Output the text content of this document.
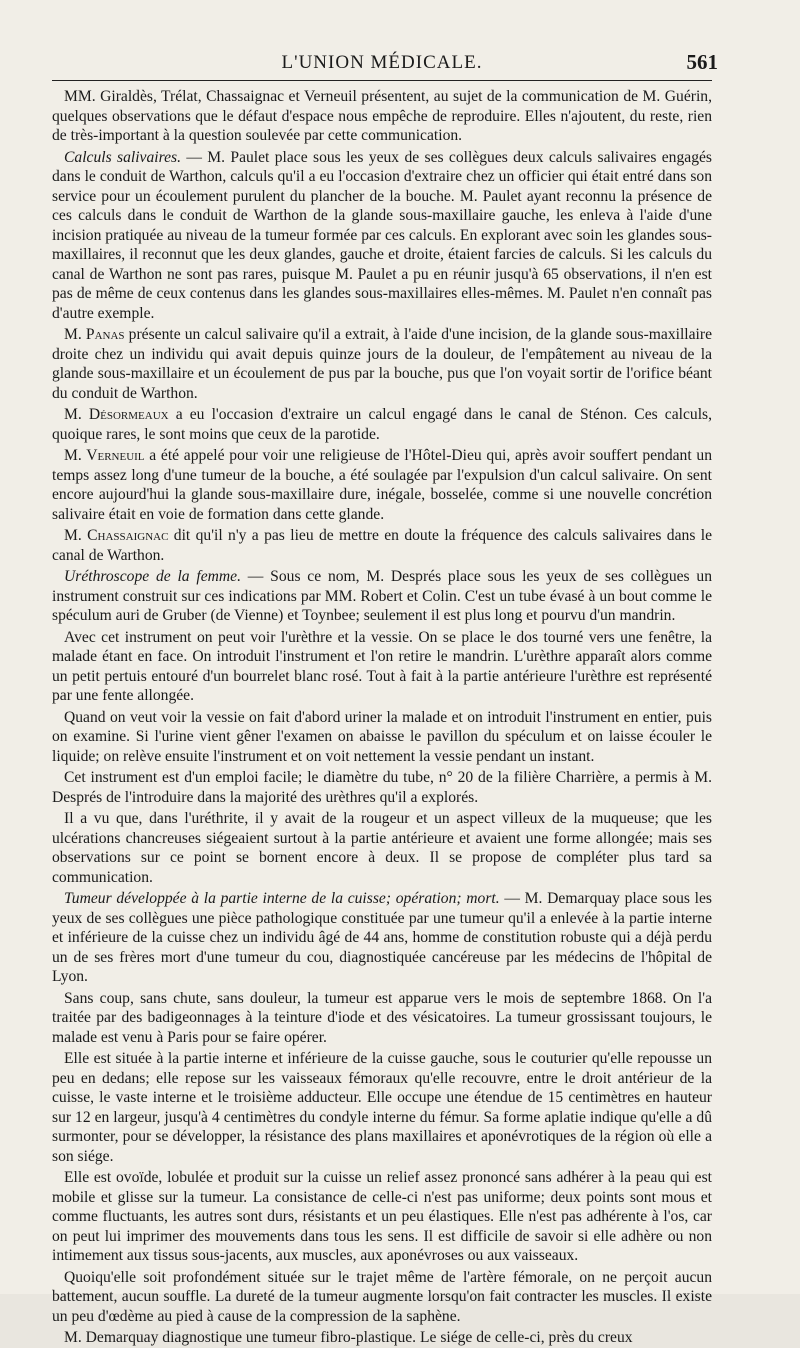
L'UNION MÉDICALE.	561

MM. Giraldès, Trélat, Chassaignac et Verneuil présentent, au sujet de la communication de M. Guérin, quelques observations que le défaut d'espace nous empêche de reproduire. Elles n'ajoutent, du reste, rien de très-important à la question soulevée par cette communication.

Calculs salivaires. — M. Paulet place sous les yeux de ses collègues deux calculs salivaires engagés dans le conduit de Warthon, calculs qu'il a eu l'occasion d'extraire chez un officier qui était entré dans son service pour un écoulement purulent du plancher de la bouche. M. Paulet ayant reconnu la présence de ces calculs dans le conduit de Warthon de la glande sous-maxillaire gauche, les enleva à l'aide d'une incision pratiquée au niveau de la tumeur formée par ces calculs. En explorant avec soin les glandes sous-maxillaires, il reconnut que les deux glandes, gauche et droite, étaient farcies de calculs. Si les calculs du canal de Warthon ne sont pas rares, puisque M. Paulet a pu en réunir jusqu'à 65 observations, il n'en est pas de même de ceux contenus dans les glandes sous-maxillaires elles-mêmes. M. Paulet n'en connaît pas d'autre exemple.

M. Panas présente un calcul salivaire qu'il a extrait, à l'aide d'une incision, de la glande sous-maxillaire droite chez un individu qui avait depuis quinze jours de la douleur, de l'empâtement au niveau de la glande sous-maxillaire et un écoulement de pus par la bouche, pus que l'on voyait sortir de l'orifice béant du conduit de Warthon.

M. Désormeaux a eu l'occasion d'extraire un calcul engagé dans le canal de Sténon. Ces calculs, quoique rares, le sont moins que ceux de la parotide.

M. Verneuil a été appelé pour voir une religieuse de l'Hôtel-Dieu qui, après avoir souffert pendant un temps assez long d'une tumeur de la bouche, a été soulagée par l'expulsion d'un calcul salivaire. On sent encore aujourd'hui la glande sous-maxillaire dure, inégale, bosselée, comme si une nouvelle concrétion salivaire était en voie de formation dans cette glande.

M. Chassaignac dit qu'il n'y a pas lieu de mettre en doute la fréquence des calculs salivaires dans le canal de Warthon.

Uréthroscope de la femme. — Sous ce nom, M. Després place sous les yeux de ses collègues un instrument construit sur ces indications par MM. Robert et Colin. C'est un tube évasé à un bout comme le spéculum auri de Gruber (de Vienne) et Toynbee; seulement il est plus long et pourvu d'un mandrin.

Avec cet instrument on peut voir l'urèthre et la vessie. On se place le dos tourné vers une fenêtre, la malade étant en face. On introduit l'instrument et l'on retire le mandrin. L'urèthre apparaît alors comme un petit pertuis entouré d'un bourrelet blanc rosé. Tout à fait à la partie antérieure l'urèthre est représenté par une fente allongée.

Quand on veut voir la vessie on fait d'abord uriner la malade et on introduit l'instrument en entier, puis on examine. Si l'urine vient gêner l'examen on abaisse le pavillon du spéculum et on laisse écouler le liquide; on relève ensuite l'instrument et on voit nettement la vessie pendant un instant.

Cet instrument est d'un emploi facile; le diamètre du tube, n° 20 de la filière Charrière, a permis à M. Després de l'introduire dans la majorité des urèthres qu'il a explorés.

Il a vu que, dans l'uréthrite, il y avait de la rougeur et un aspect villeux de la muqueuse; que les ulcérations chancreuses siégeaient surtout à la partie antérieure et avaient une forme allongée; mais ses observations sur ce point se bornent encore à deux. Il se propose de compléter plus tard sa communication.

Tumeur développée à la partie interne de la cuisse; opération; mort. — M. Demarquay place sous les yeux de ses collègues une pièce pathologique constituée par une tumeur qu'il a enlevée à la partie interne et inférieure de la cuisse chez un individu âgé de 44 ans, homme de constitution robuste qui a déjà perdu un de ses frères mort d'une tumeur du cou, diagnostiquée cancéreuse par les médecins de l'hôpital de Lyon.

Sans coup, sans chute, sans douleur, la tumeur est apparue vers le mois de septembre 1868. On l'a traitée par des badigeonnages à la teinture d'iode et des vésicatoires. La tumeur grossissant toujours, le malade est venu à Paris pour se faire opérer.

Elle est située à la partie interne et inférieure de la cuisse gauche, sous le couturier qu'elle repousse un peu en dedans; elle repose sur les vaisseaux fémoraux qu'elle recouvre, entre le droit antérieur de la cuisse, le vaste interne et le troisième adducteur. Elle occupe une étendue de 15 centimètres en hauteur sur 12 en largeur, jusqu'à 4 centimètres du condyle interne du fémur. Sa forme aplatie indique qu'elle a dû surmonter, pour se développer, la résistance des plans maxillaires et aponévrotiques de la région où elle a son siége.

Elle est ovoïde, lobulée et produit sur la cuisse un relief assez prononcé sans adhérer à la peau qui est mobile et glisse sur la tumeur. La consistance de celle-ci n'est pas uniforme; deux points sont mous et comme fluctuants, les autres sont durs, résistants et un peu élastiques. Elle n'est pas adhérente à l'os, car on peut lui imprimer des mouvements dans tous les sens. Il est difficile de savoir si elle adhère ou non intimement aux tissus sous-jacents, aux muscles, aux aponévroses ou aux vaisseaux.

Quoiqu'elle soit profondément située sur le trajet même de l'artère fémorale, on ne perçoit aucun battement, aucun souffle. La dureté de la tumeur augmente lorsqu'on fait contracter les muscles. Il existe un peu d'œdème au pied à cause de la compression de la saphène.

M. Demarquay diagnostique une tumeur fibro-plastique. Le siége de celle-ci, près du creux
